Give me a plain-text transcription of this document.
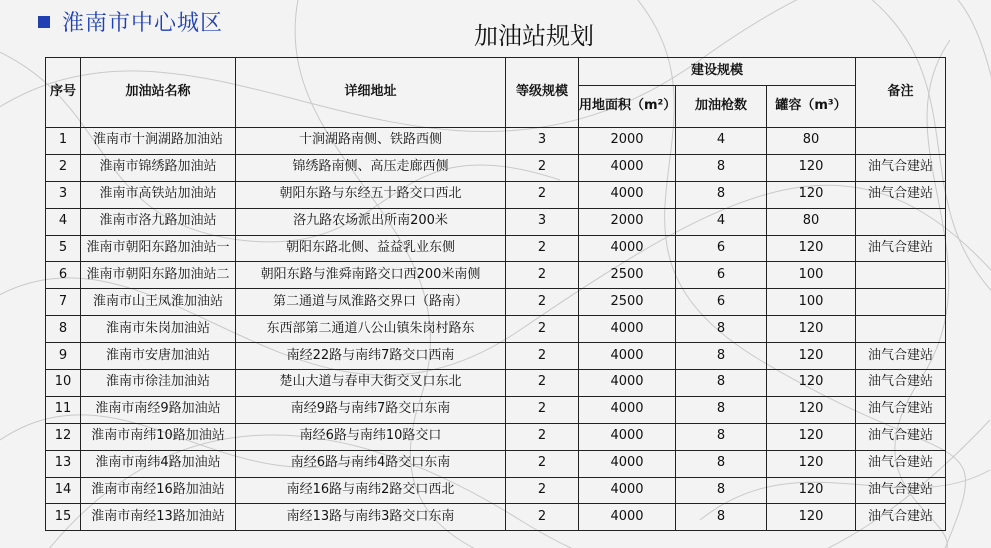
淮南市中心城区	加油站规划
序号	加油站名称	详细地址	等级规模	建设规模			备注
				用地面积（m²）	加油枪数	罐容（m³）	
1	淮南市十涧湖路加油站	十涧湖路南侧、铁路西侧	3	2000	4	80	
2	淮南市锦绣路加油站	锦绣路南侧、高压走廊西侧	2	4000	8	120	油气合建站
3	淮南市高铁站加油站	朝阳东路与东经五十路交口西北	2	4000	8	120	油气合建站
4	淮南市洛九路加油站	洛九路农场派出所南200米	3	2000	4	80	
5	淮南市朝阳东路加油站一	朝阳东路北侧、益益乳业东侧	2	4000	6	120	油气合建站
6	淮南市朝阳东路加油站二	朝阳东路与淮舜南路交口西200米南侧	2	2500	6	100	
7	淮南市山王凤淮加油站	第二通道与凤淮路交界口（路南）	2	2500	6	100	
8	淮南市朱岗加油站	东西部第二通道八公山镇朱岗村路东	2	4000	8	120	
9	淮南市安唐加油站	南经22路与南纬7路交口西南	2	4000	8	120	油气合建站
10	淮南市徐洼加油站	楚山大道与春申大街交叉口东北	2	4000	8	120	油气合建站
11	淮南市南经9路加油站	南经9路与南纬7路交口东南	2	4000	8	120	油气合建站
12	淮南市南纬10路加油站	南经6路与南纬10路交口	2	4000	8	120	油气合建站
13	淮南市南纬4路加油站	南经6路与南纬4路交口东南	2	4000	8	120	油气合建站
14	淮南市南经16路加油站	南经16路与南纬2路交口西北	2	4000	8	120	油气合建站
15	淮南市南经13路加油站	南经13路与南纬3路交口东南	2	4000	8	120	油气合建站
